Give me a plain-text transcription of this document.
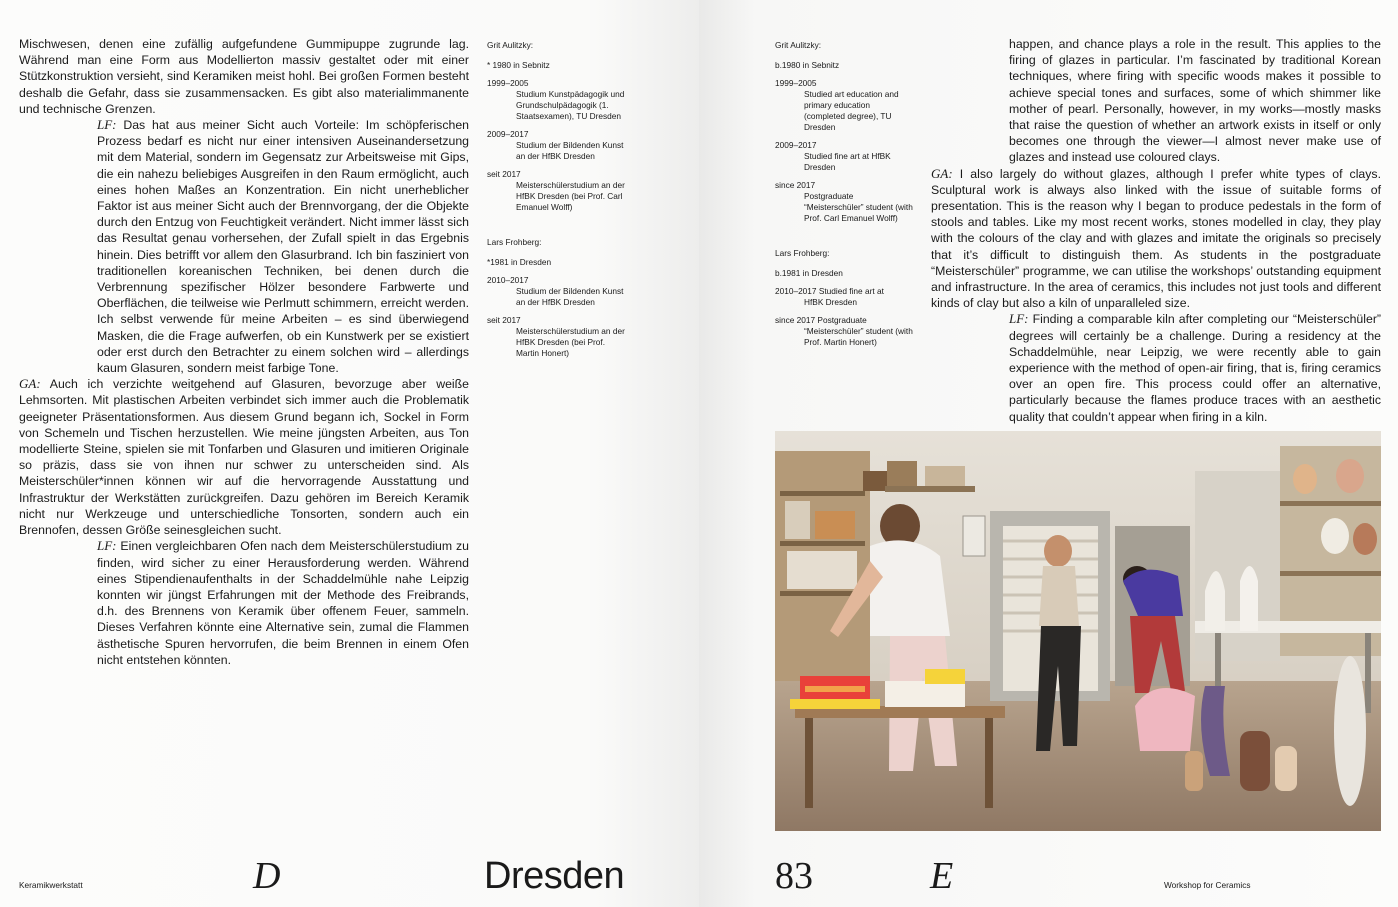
Mischwesen, denen eine zufällig aufgefundene Gummipuppe zugrunde lag. Während man eine Form aus Modellierton massiv gestaltet oder mit einer Stützkonstruktion versieht, sind Keramiken meist hohl. Bei großen Formen besteht deshalb die Gefahr, dass sie zusammensacken. Es gibt also materialimmanente und technische Grenzen.

LF: Das hat aus meiner Sicht auch Vorteile: Im schöpferischen Prozess bedarf es nicht nur einer intensiven Auseinandersetzung mit dem Material, sondern im Gegensatz zur Arbeitsweise mit Gips, die ein nahezu beliebiges Ausgreifen in den Raum ermöglicht, auch eines hohen Maßes an Konzentration. Ein nicht unerheblicher Faktor ist aus meiner Sicht auch der Brennvorgang, der die Objekte durch den Entzug von Feuchtigkeit verändert. Nicht immer lässt sich das Resultat genau vorhersehen, der Zufall spielt in das Ergebnis hinein. Dies betrifft vor allem den Glasurbrand. Ich bin fasziniert von traditionellen koreanischen Techniken, bei denen durch die Verbrennung spezifischer Hölzer besondere Farbwerte und Oberflächen, die teilweise wie Perlmutt schimmern, erreicht werden. Ich selbst verwende für meine Arbeiten – es sind überwiegend Masken, die die Frage aufwerfen, ob ein Kunstwerk per se existiert oder erst durch den Betrachter zu einem solchen wird – allerdings kaum Glasuren, sondern meist farbige Tone.

GA: Auch ich verzichte weitgehend auf Glasuren, bevorzuge aber weiße Lehmsorten. Mit plastischen Arbeiten verbindet sich immer auch die Problematik geeigneter Präsentationsformen. Aus diesem Grund begann ich, Sockel in Form von Schemeln und Tischen herzustellen. Wie meine jüngsten Arbeiten, aus Ton modellierte Steine, spielen sie mit Tonfarben und Glasuren und imitieren Originale so präzis, dass sie von ihnen nur schwer zu unterscheiden sind. Als Meisterschüler*innen können wir auf die hervorragende Ausstattung und Infrastruktur der Werkstätten zurückgreifen. Dazu gehören im Bereich Keramik nicht nur Werkzeuge und unterschiedliche Tonsorten, sondern auch ein Brennofen, dessen Größe seinesgleichen sucht.

LF: Einen vergleichbaren Ofen nach dem Meisterschülerstudium zu finden, wird sicher zu einer Herausforderung werden. Während eines Stipendienaufenthalts in der Schaddelmühle nahe Leipzig konnten wir jüngst Erfahrungen mit der Methode des Freibrands, d.h. des Brennens von Keramik über offenem Feuer, sammeln. Dieses Verfahren könnte eine Alternative sein, zumal die Flammen ästhetische Spuren hervorrufen, die beim Brennen in einem Ofen nicht entstehen könnten.

Grit Aulitzky:
* 1980 in Sebnitz
1999–2005
Studium Kunstpädagogik und Grundschulpädagogik (1. Staatsexamen), TU Dresden
2009–2017
Studium der Bildenden Kunst an der HfBK Dresden
seit 2017
Meisterschülerstudium an der HfBK Dresden (bei Prof. Carl Emanuel Wolff)
Lars Frohberg:
*1981 in Dresden
2010–2017
Studium der Bildenden Kunst an der HfBK Dresden
seit 2017
Meisterschülerstudium an der HfBK Dresden (bei Prof. Martin Honert)
Grit Aulitzky:
b.1980 in Sebnitz
1999–2005
Studied art education and primary education (completed degree), TU Dresden
2009–2017
Studied fine art at HfBK Dresden
since 2017
Postgraduate “Meisterschüler” student (with Prof. Carl Emanuel Wolff)
Lars Frohberg:
b.1981 in Dresden
2010–2017 Studied fine art at
HfBK Dresden
since 2017 Postgraduate
“Meisterschüler” student (with Prof. Martin Honert)

happen, and chance plays a role in the result. This applies to the firing of glazes in particular. I’m fascinated by traditional Korean techniques, where firing with specific woods makes it possible to achieve special tones and surfaces, some of which shimmer like mother of pearl. Personally, however, in my works—mostly masks that raise the question of whether an artwork exists in itself or only becomes one through the viewer—I almost never make use of glazes and instead use coloured clays.

GA: I also largely do without glazes, although I prefer white types of clays. Sculptural work is always also linked with the issue of suitable forms of presentation. This is the reason why I began to produce pedestals in the form of stools and tables. Like my most recent works, stones modelled in clay, they play with the colours of the clay and with glazes and imitate the originals so precisely that it’s difficult to distinguish them. As students in the postgraduate “Meisterschüler” programme, we can utilise the workshops’ outstanding equipment and infrastructure. In the area of ceramics, this includes not just tools and different kinds of clay but also a kiln of unparalleled size.

LF: Finding a comparable kiln after completing our “Meisterschüler” degrees will certainly be a challenge. During a residency at the Schaddelmühle, near Leipzig, we were recently able to gain experience with the method of open-air firing, that is, firing ceramics over an open fire. This process could offer an alternative, particularly because the flames produce traces with an aesthetic quality that couldn’t appear when firing in a kiln.

Keramikwerkstatt	D	Dresden	83	E	Workshop for Ceramics
